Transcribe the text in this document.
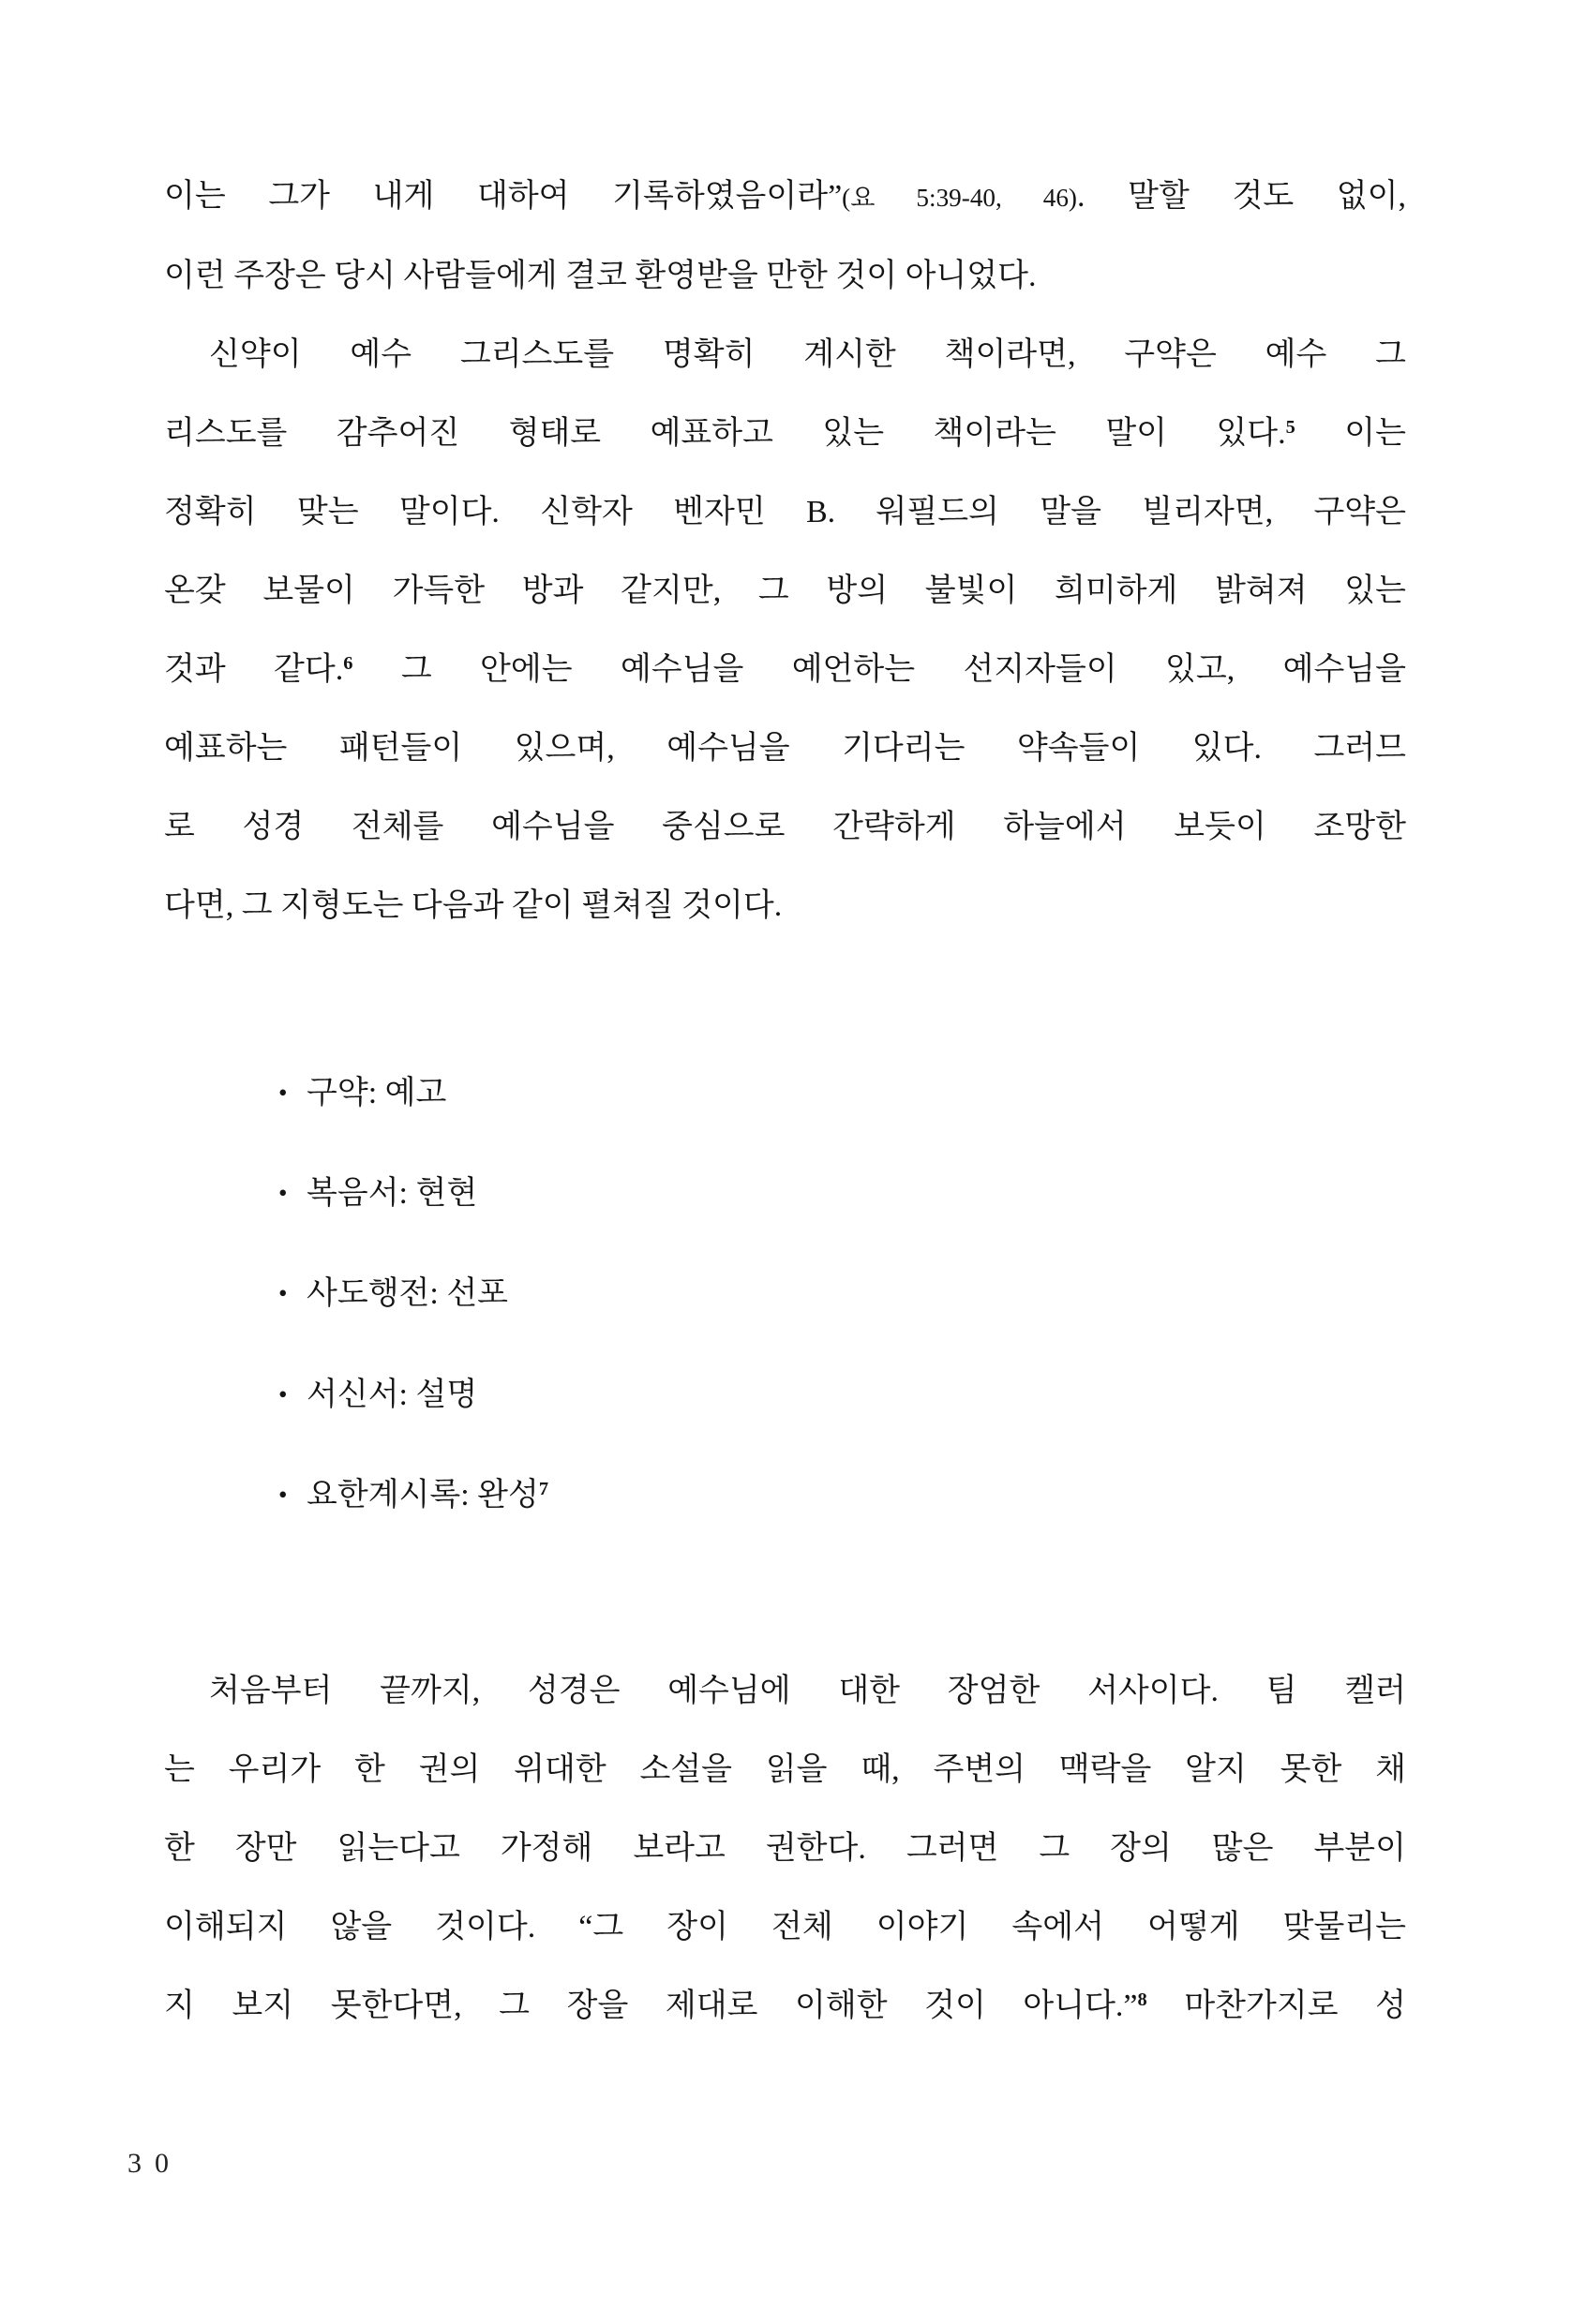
이는 그가 내게 대하여 기록하였음이라”(요 5:39-40, 46). 말할 것도 없이,
이런 주장은 당시 사람들에게 결코 환영받을 만한 것이 아니었다.
신약이 예수 그리스도를 명확히 계시한 책이라면, 구약은 예수 그
리스도를 감추어진 형태로 예표하고 있는 책이라는 말이 있다.$^5$ 이는
정확히 맞는 말이다. 신학자 벤자민 B. 워필드의 말을 빌리자면, 구약은
온갖 보물이 가득한 방과 같지만, 그 방의 불빛이 희미하게 밝혀져 있는
것과 같다.$^6$ 그 안에는 예수님을 예언하는 선지자들이 있고, 예수님을
예표하는 패턴들이 있으며, 예수님을 기다리는 약속들이 있다. 그러므
로 성경 전체를 예수님을 중심으로 간략하게 하늘에서 보듯이 조망한
다면, 그 지형도는 다음과 같이 펼쳐질 것이다.
• 구약: 예고
• 복음서: 현현
• 사도행전: 선포
• 서신서: 설명
• 요한계시록: 완성$^7$
처음부터 끝까지, 성경은 예수님에 대한 장엄한 서사이다. 팀 켈러
는 우리가 한 권의 위대한 소설을 읽을 때, 주변의 맥락을 알지 못한 채
한 장만 읽는다고 가정해 보라고 권한다. 그러면 그 장의 많은 부분이
이해되지 않을 것이다. “그 장이 전체 이야기 속에서 어떻게 맞물리는
지 보지 못한다면, 그 장을 제대로 이해한 것이 아니다.”$^8$ 마찬가지로 성
30
